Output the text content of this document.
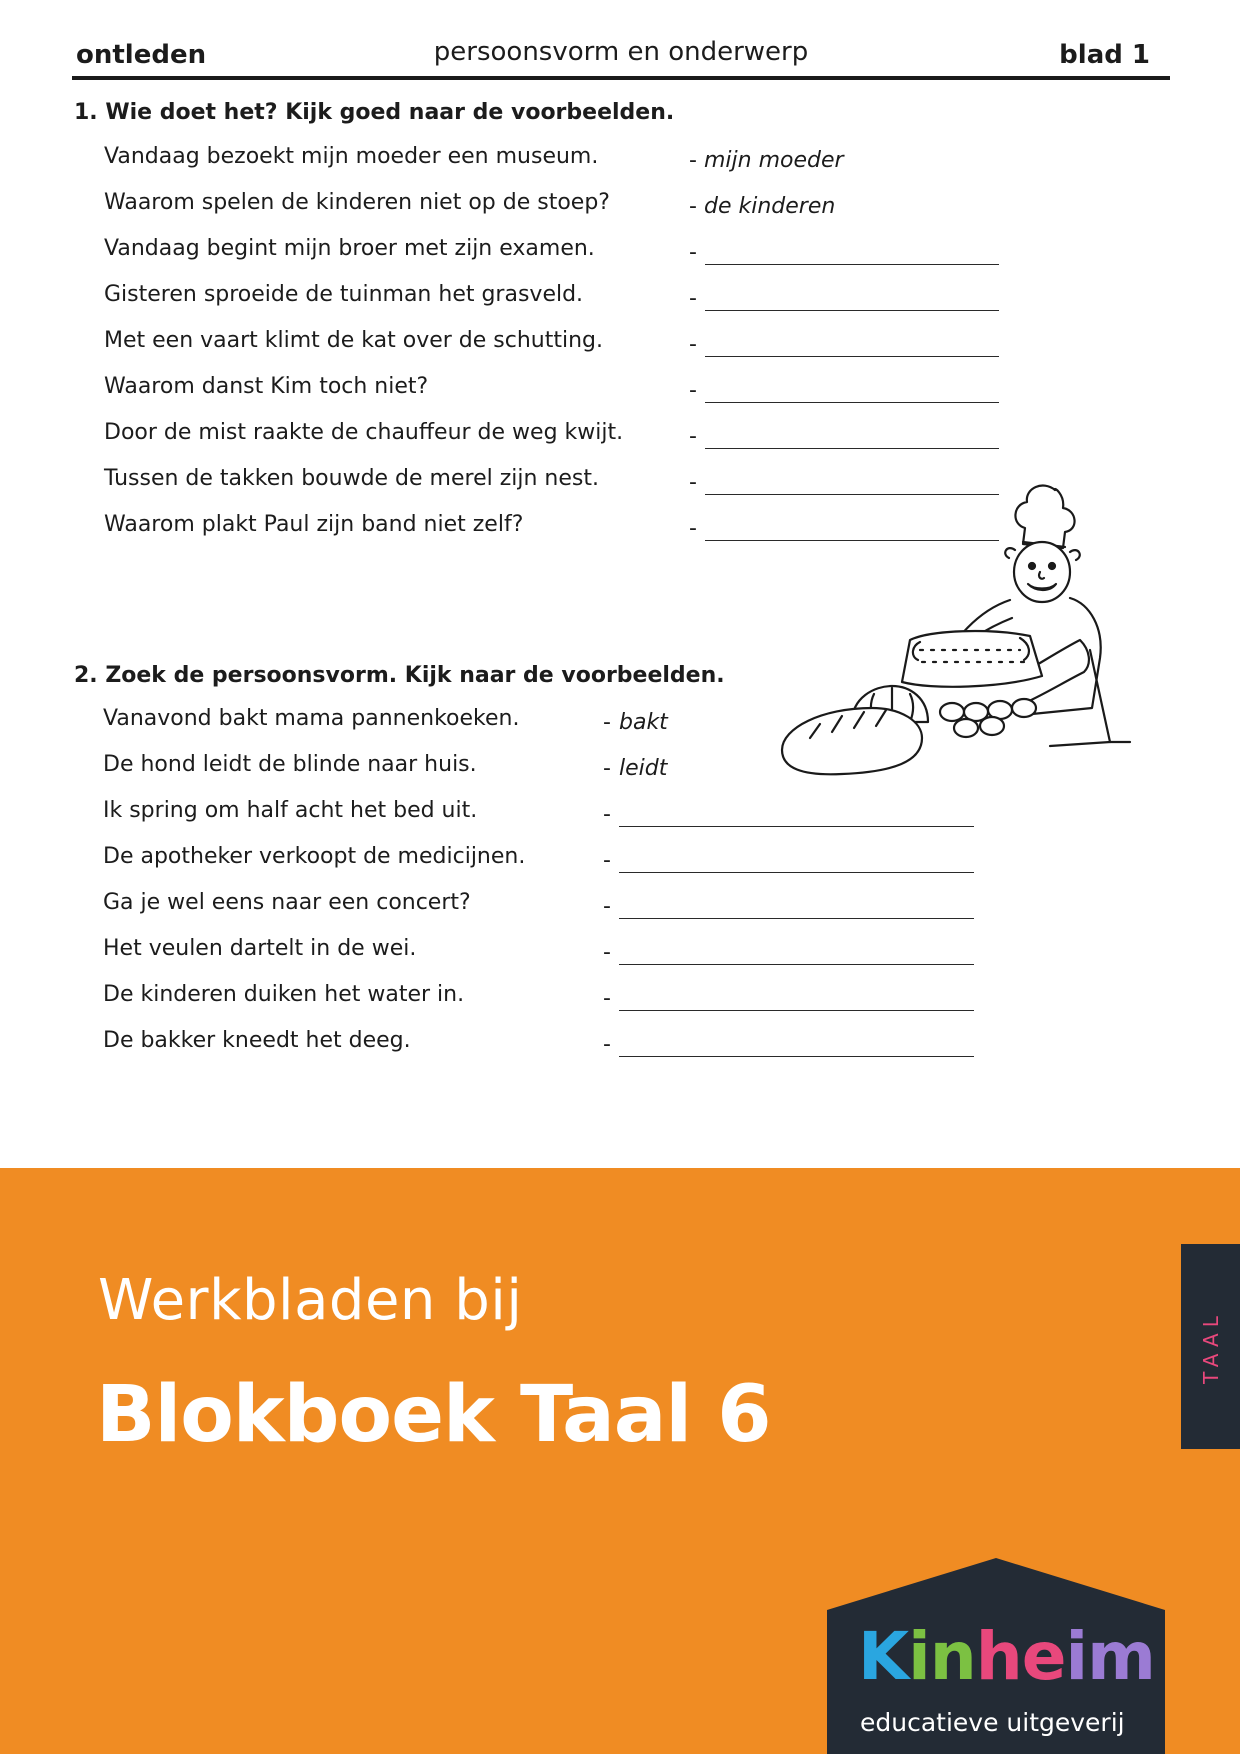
ontleden	persoonsvorm en onderwerp	blad 1
1. Wie doet het? Kijk goed naar de voorbeelden.
Vandaag bezoekt mijn moeder een museum.	- mijn moeder
Waarom spelen de kinderen niet op de stoep?	- de kinderen
Vandaag begint mijn broer met zijn examen.	-
Gisteren sproeide de tuinman het grasveld.	-
Met een vaart klimt de kat over de schutting.	-
Waarom danst Kim toch niet?	-
Door de mist raakte de chauffeur de weg kwijt.	-
Tussen de takken bouwde de merel zijn nest.	-
Waarom plakt Paul zijn band niet zelf?	-
2. Zoek de persoonsvorm. Kijk naar de voorbeelden.
Vanavond bakt mama pannenkoeken.	- bakt
De hond leidt de blinde naar huis.	- leidt
Ik spring om half acht het bed uit.	-
De apotheker verkoopt de medicijnen.	-
Ga je wel eens naar een concert?	-
Het veulen dartelt in de wei.	-
De kinderen duiken het water in.	-
De bakker kneedt het deeg.	-
Werkbladen bij
Blokboek Taal 6
TAAL
Kinheim
educatieve uitgeverij
